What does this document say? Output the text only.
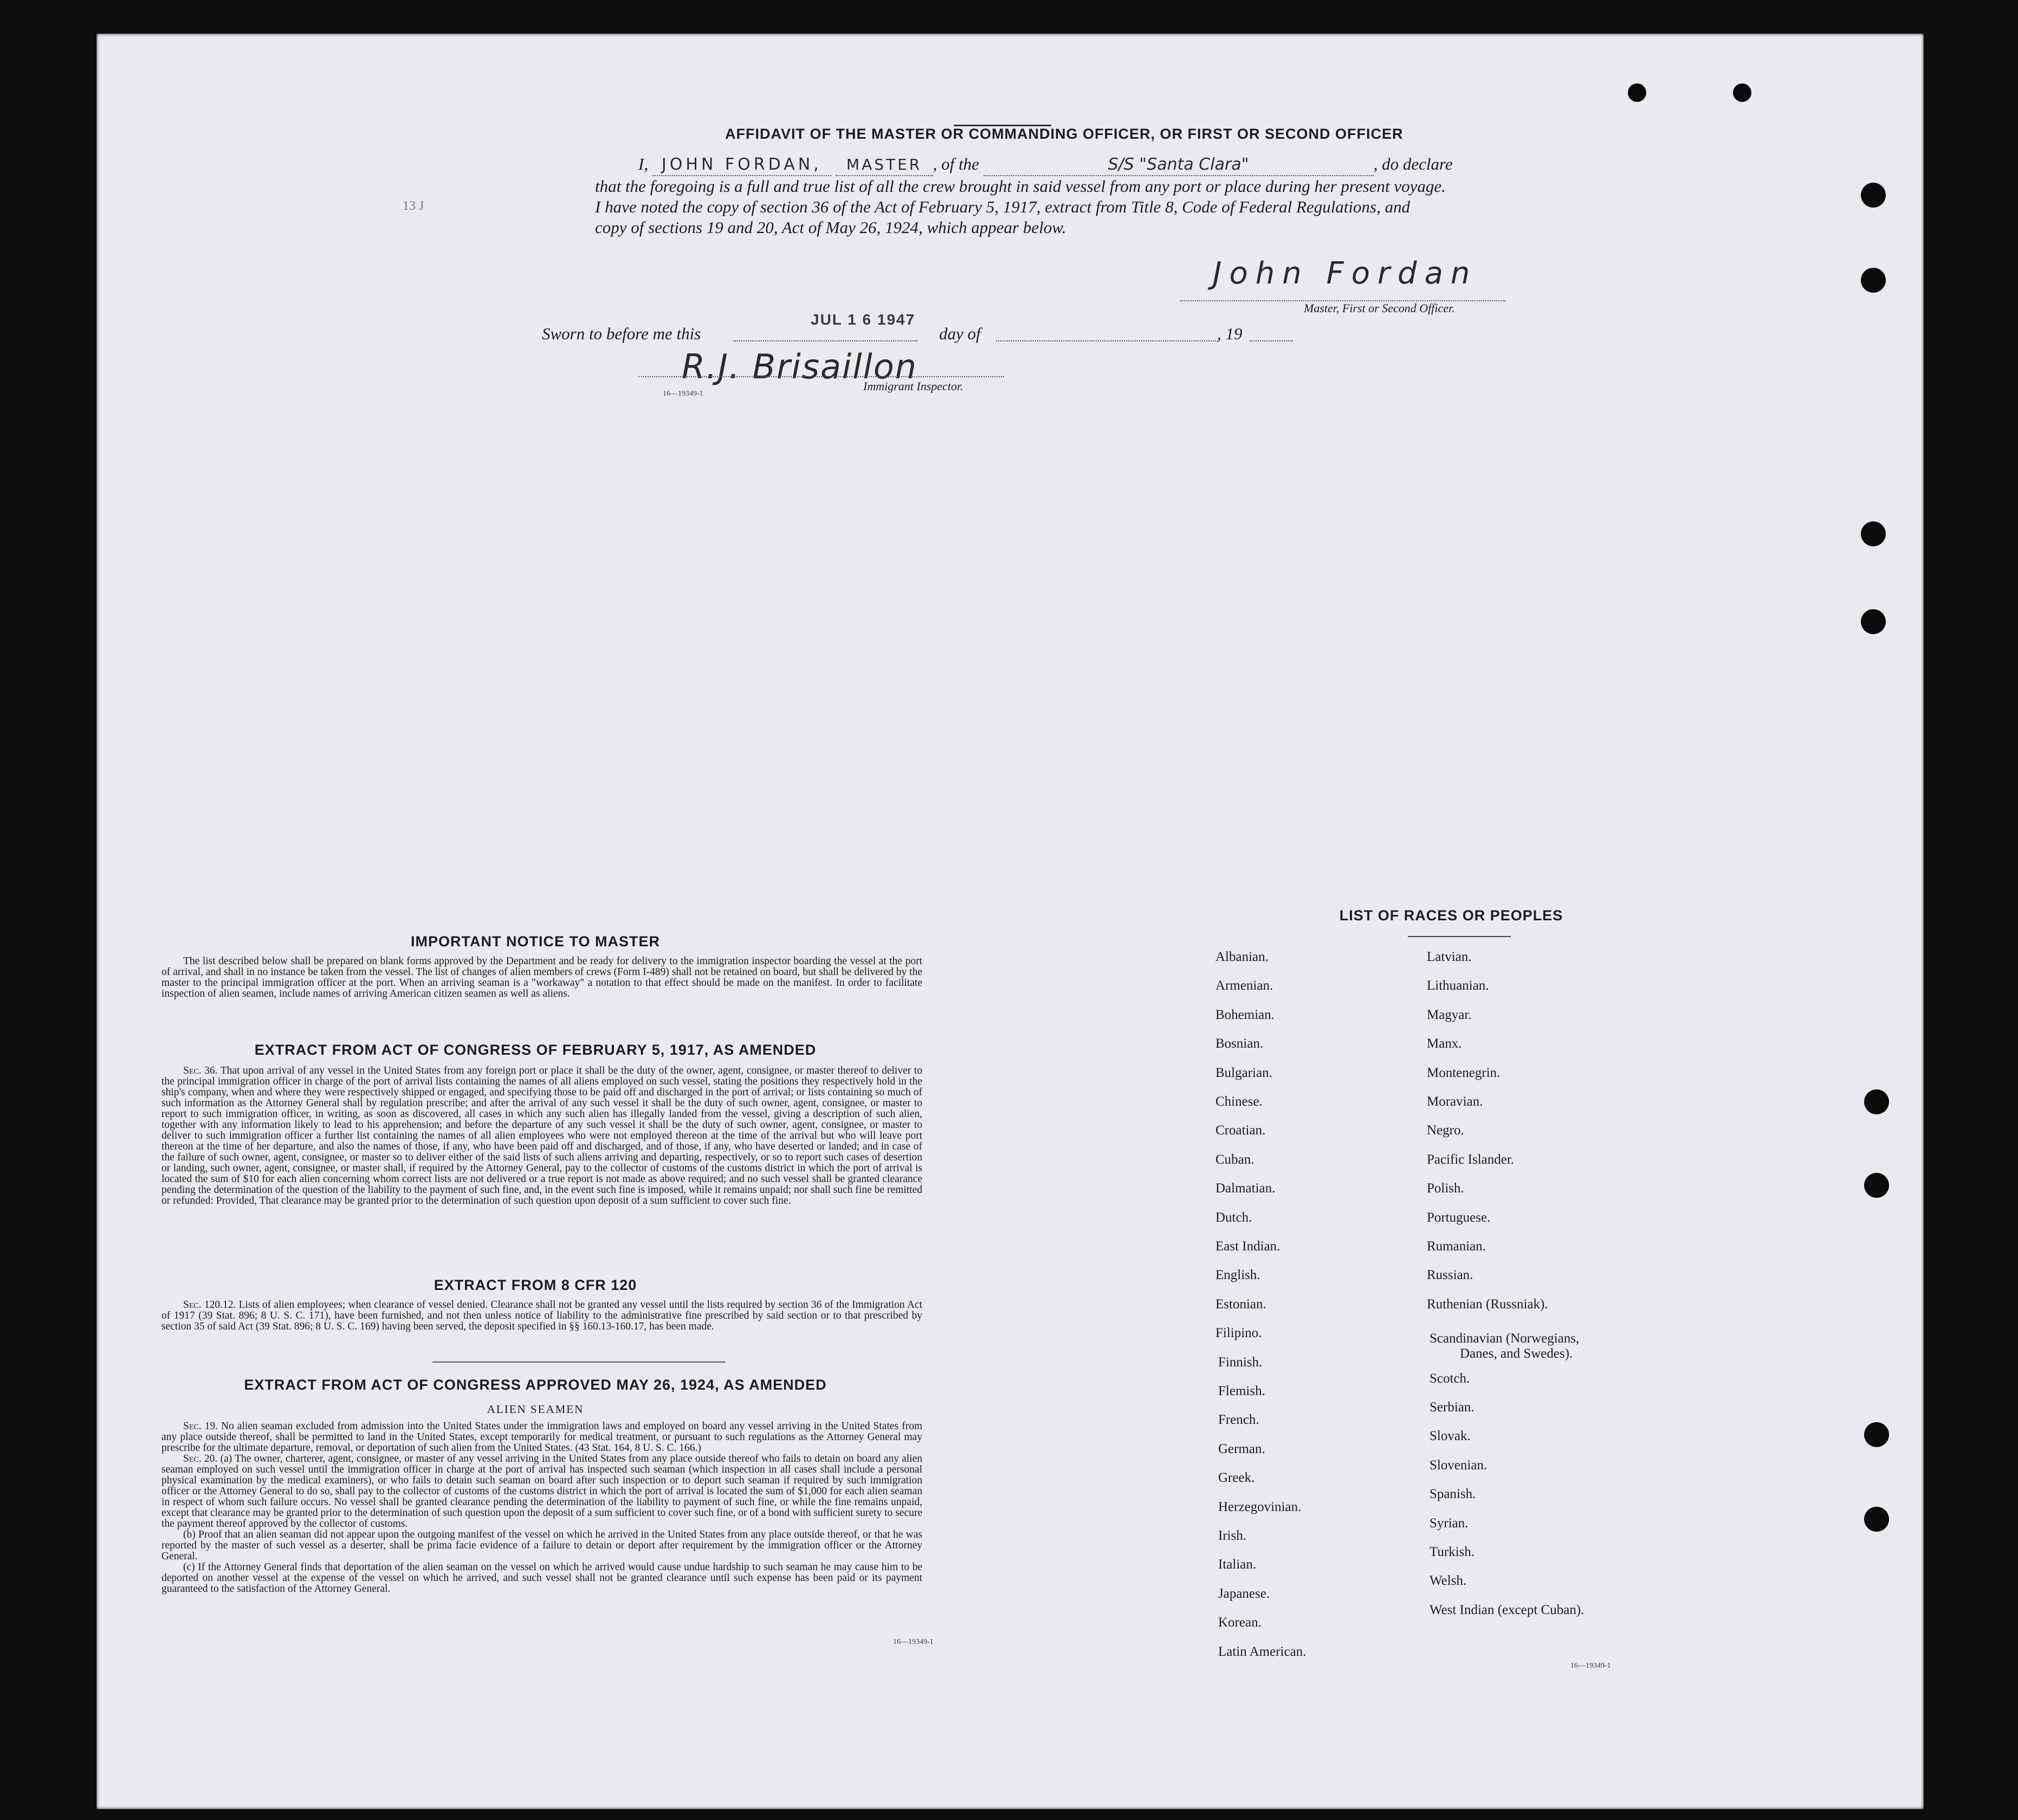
AFFIDAVIT OF THE MASTER OR COMMANDING OFFICER, OR FIRST OR SECOND OFFICER
I, JOHN FORDAN, MASTER , of the	S/S "Santa Clara"	, do declare
that the foregoing is a full and true list of all the crew brought in said vessel from any port or place during her present voyage.
I have noted the copy of section 36 of the Act of February 5, 1917, extract from Title 8, Code of Federal Regulations, and
copy of sections 19 and 20, Act of May 26, 1924, which appear below.
13 J
John Fordan
Master, First or Second Officer.
Sworn to before me this
JUL 1 6 1947
day of	, 19
R.J. Brisaillon
Immigrant Inspector.
16—19349-1
IMPORTANT NOTICE TO MASTER
The list described below shall be prepared on blank forms approved by the Department and be ready for delivery to the immigration inspector boarding the vessel at the port of arrival, and shall in no instance be taken from the vessel. The list of changes of alien members of crews (Form I-489) shall not be retained on board, but shall be delivered by the master to the principal immigration officer at the port. When an arriving seaman is a "workaway" a notation to that effect should be made on the manifest. In order to facilitate inspection of alien seamen, include names of arriving American citizen seamen as well as aliens.
EXTRACT FROM ACT OF CONGRESS OF FEBRUARY 5, 1917, AS AMENDED
Sec. 36. That upon arrival of any vessel in the United States from any foreign port or place it shall be the duty of the owner, agent, consignee, or master thereof to deliver to the principal immigration officer in charge of the port of arrival lists containing the names of all aliens employed on such vessel, stating the positions they respectively hold in the ship's company, when and where they were respectively shipped or engaged, and specifying those to be paid off and discharged in the port of arrival; or lists containing so much of such information as the Attorney General shall by regulation prescribe; and after the arrival of any such vessel it shall be the duty of such owner, agent, consignee, or master to report to such immigration officer, in writing, as soon as discovered, all cases in which any such alien has illegally landed from the vessel, giving a description of such alien, together with any information likely to lead to his apprehension; and before the departure of any such vessel it shall be the duty of such owner, agent, consignee, or master to deliver to such immigration officer a further list containing the names of all alien employees who were not employed thereon at the time of the arrival but who will leave port thereon at the time of her departure, and also the names of those, if any, who have been paid off and discharged, and of those, if any, who have deserted or landed; and in case of the failure of such owner, agent, consignee, or master so to deliver either of the said lists of such aliens arriving and departing, respectively, or so to report such cases of desertion or landing, such owner, agent, consignee, or master shall, if required by the Attorney General, pay to the collector of customs of the customs district in which the port of arrival is located the sum of $10 for each alien concerning whom correct lists are not delivered or a true report is not made as above required; and no such vessel shall be granted clearance pending the determination of the question of the liability to the payment of such fine, and, in the event such fine is imposed, while it remains unpaid; nor shall such fine be remitted or refunded: Provided, That clearance may be granted prior to the determination of such question upon deposit of a sum sufficient to cover such fine.
EXTRACT FROM 8 CFR 120
Sec. 120.12. Lists of alien employees; when clearance of vessel denied. Clearance shall not be granted any vessel until the lists required by section 36 of the Immigration Act of 1917 (39 Stat. 896; 8 U. S. C. 171), have been furnished, and not then unless notice of liability to the administrative fine prescribed by said section or to that prescribed by section 35 of said Act (39 Stat. 896; 8 U. S. C. 169) having been served, the deposit specified in §§ 160.13-160.17, has been made.
EXTRACT FROM ACT OF CONGRESS APPROVED MAY 26, 1924, AS AMENDED
ALIEN SEAMEN
Sec. 19. No alien seaman excluded from admission into the United States under the immigration laws and employed on board any vessel arriving in the United States from any place outside thereof, shall be permitted to land in the United States, except temporarily for medical treatment, or pursuant to such regulations as the Attorney General may prescribe for the ultimate departure, removal, or deportation of such alien from the United States. (43 Stat. 164, 8 U. S. C. 166.)
Sec. 20. (a) The owner, charterer, agent, consignee, or master of any vessel arriving in the United States from any place outside thereof who fails to detain on board any alien seaman employed on such vessel until the immigration officer in charge at the port of arrival has inspected such seaman (which inspection in all cases shall include a personal physical examination by the medical examiners), or who fails to detain such seaman on board after such inspection or to deport such seaman if required by such immigration officer or the Attorney General to do so, shall pay to the collector of customs of the customs district in which the port of arrival is located the sum of $1,000 for each alien seaman in respect of whom such failure occurs. No vessel shall be granted clearance pending the determination of the liability to payment of such fine, or while the fine remains unpaid, except that clearance may be granted prior to the determination of such question upon the deposit of a sum sufficient to cover such fine, or of a bond with sufficient surety to secure the payment thereof approved by the collector of customs.
(b) Proof that an alien seaman did not appear upon the outgoing manifest of the vessel on which he arrived in the United States from any place outside thereof, or that he was reported by the master of such vessel as a deserter, shall be prima facie evidence of a failure to detain or deport after requirement by the immigration officer or the Attorney General.
(c) If the Attorney General finds that deportation of the alien seaman on the vessel on which he arrived would cause undue hardship to such seaman he may cause him to be deported on another vessel at the expense of the vessel on which he arrived, and such vessel shall not be granted clearance until such expense has been paid or its payment guaranteed to the satisfaction of the Attorney General.
16—19349-1
LIST OF RACES OR PEOPLES
Albanian.
Armenian.
Bohemian.
Bosnian.
Bulgarian.
Chinese.
Croatian.
Cuban.
Dalmatian.
Dutch.
East Indian.
English.
Estonian.
Filipino.
Finnish.
Flemish.
French.
German.
Greek.
Herzegovinian.
Irish.
Italian.
Japanese.
Korean.
Latin American.
Latvian.
Lithuanian.
Magyar.
Manx.
Montenegrin.
Moravian.
Negro.
Pacific Islander.
Polish.
Portuguese.
Rumanian.
Russian.
Ruthenian (Russniak).
Scandinavian (Norwegians,
Danes, and Swedes).
Scotch.
Serbian.
Slovak.
Slovenian.
Spanish.
Syrian.
Turkish.
Welsh.
West Indian (except Cuban).
16—19349-1
